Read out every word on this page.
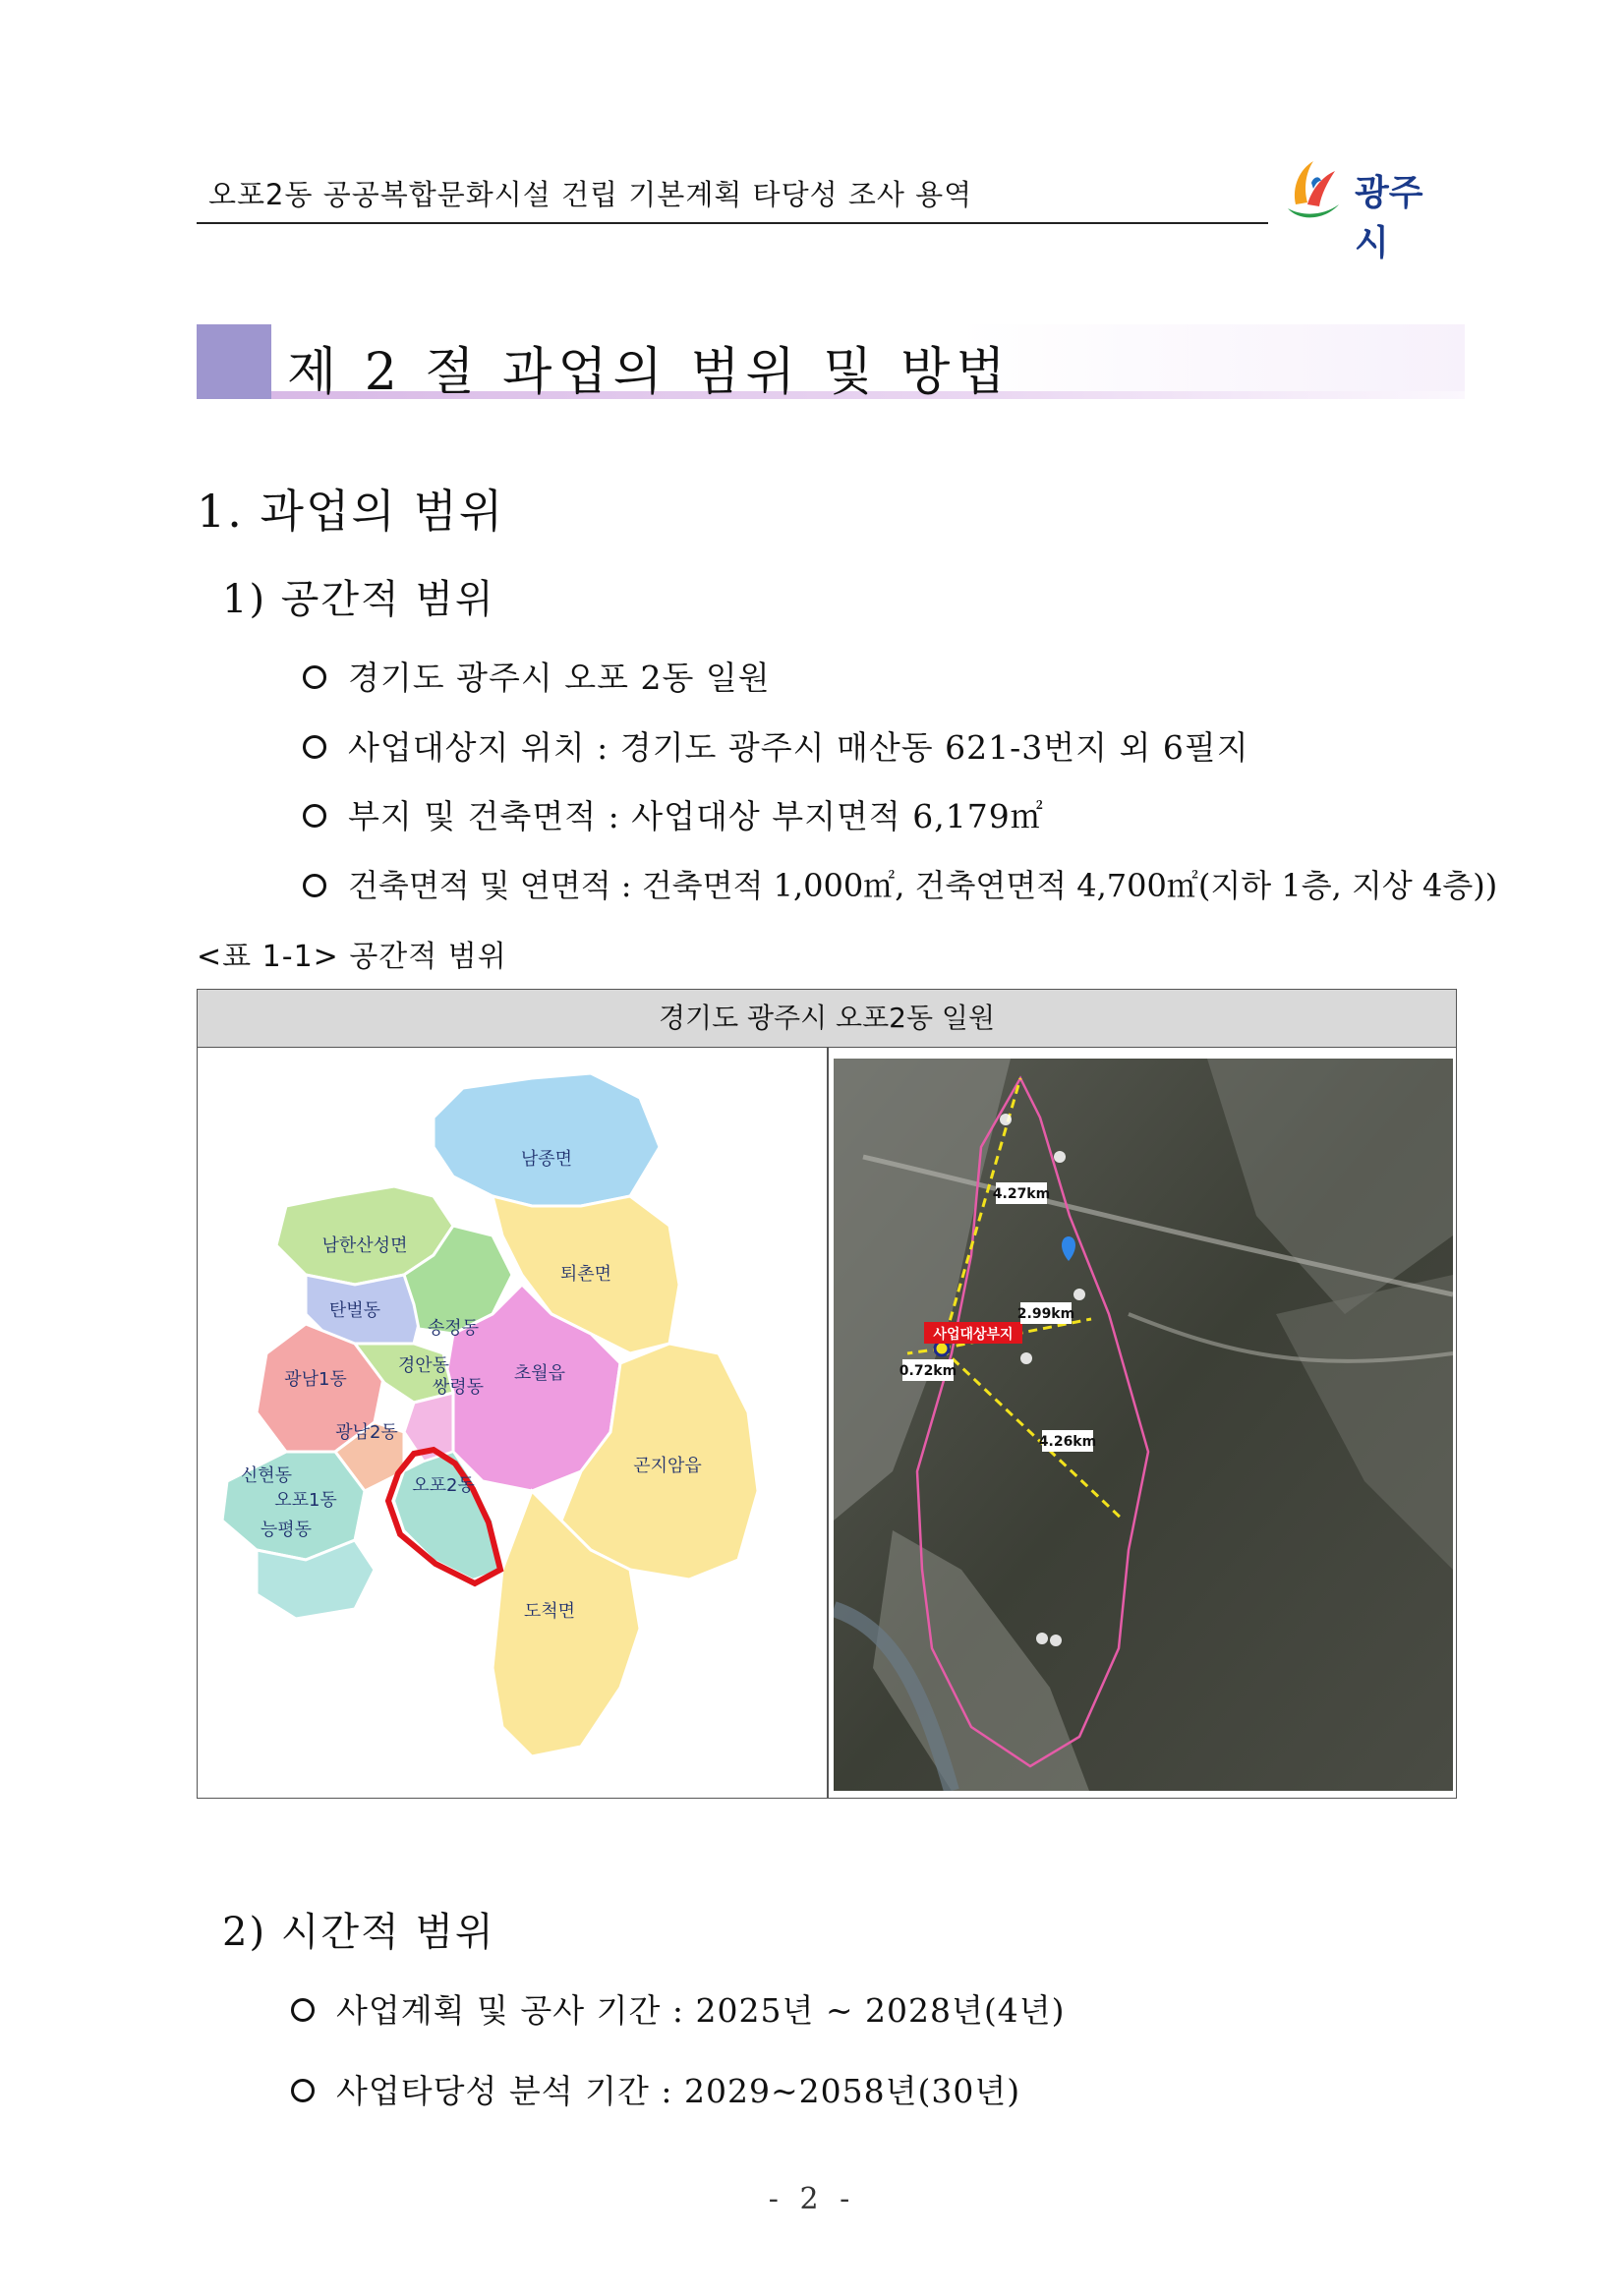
오포2동 공공복합문화시설 건립 기본계획 타당성 조사 용역	광주시
제 2 절 과업의 범위 및 방법
1. 과업의 범위
1) 공간적 범위
경기도 광주시 오포 2동 일원
사업대상지 위치 : 경기도 광주시 매산동 621-3번지 외 6필지
부지 및 건축면적 : 사업대상 부지면적 6,179㎡
건축면적 및 연면적 : 건축면적 1,000㎡, 건축연면적 4,700㎡(지하 1층, 지상 4층))
<표 1-1> 공간적 범위
경기도 광주시 오포2동 일원
남종면
남한산성면
퇴촌면
탄벌동
송정동
경안동	초월읍
광남1동	쌍령동
광남2동
곤지암읍
신현동
오포1동
오포2동
능평동
도척면
사업대상부지
4.27km
2.99km
0.72km
4.26km
2) 시간적 범위
사업계획 및 공사 기간 : 2025년 ~ 2028년(4년)
사업타당성 분석 기간 : 2029~2058년(30년)
- 2 -
